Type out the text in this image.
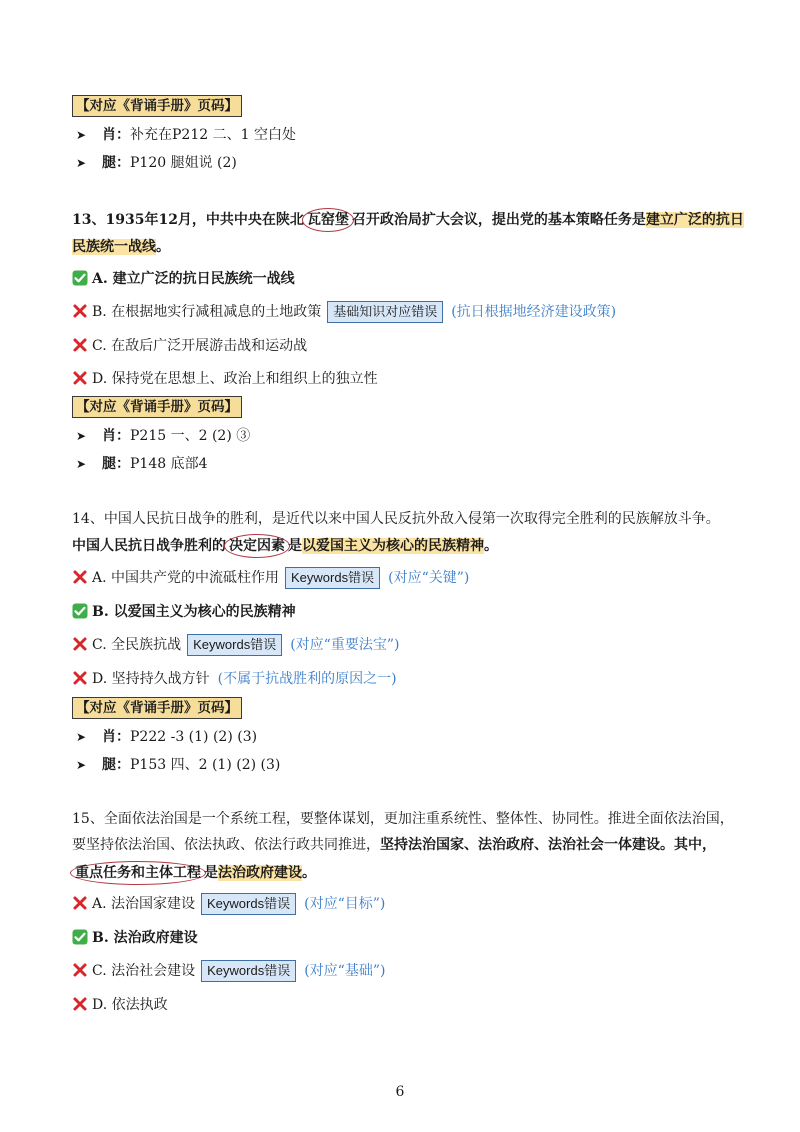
【对应《背诵手册》页码】
➤ 肖：补充在P212 二、1 空白处
➤ 腿：P120 腿姐说 (2)
13、1935年12月，中共中央在陕北 瓦窑堡 召开政治局扩大会议，提出党的基本策略任务是建立广泛的抗日
民族统一战线。
A. 建立广泛的抗日民族统一战线
B. 在根据地实行减租减息的土地政策 基础知识对应错误 (抗日根据地经济建设政策)
C. 在敌后广泛开展游击战和运动战
D. 保持党在思想上、政治上和组织上的独立性
【对应《背诵手册》页码】
➤ 肖：P215 一、2 (2) ③
➤ 腿：P148 底部4
14、中国人民抗日战争的胜利，是近代以来中国人民反抗外敌入侵第一次取得完全胜利的民族解放斗争。
中国人民抗日战争胜利的 决定因素 是以爱国主义为核心的民族精神。
A. 中国共产党的中流砥柱作用 Keywords错误 (对应“关键”)
B. 以爱国主义为核心的民族精神
C. 全民族抗战 Keywords错误 (对应“重要法宝”)
D. 坚持持久战方针 (不属于抗战胜利的原因之一)
【对应《背诵手册》页码】
➤ 肖：P222 -3 (1) (2) (3)
➤ 腿：P153 四、2 (1) (2) (3)
15、全面依法治国是一个系统工程，要整体谋划，更加注重系统性、整体性、协同性。推进全面依法治国，
要坚持依法治国、依法执政、依法行政共同推进，坚持法治国家、法治政府、法治社会一体建设。其中，
重点任务和主体工程 是法治政府建设。
A. 法治国家建设 Keywords错误 (对应“目标”)
B. 法治政府建设
C. 法治社会建设 Keywords错误 (对应“基础”)
D. 依法执政
6
